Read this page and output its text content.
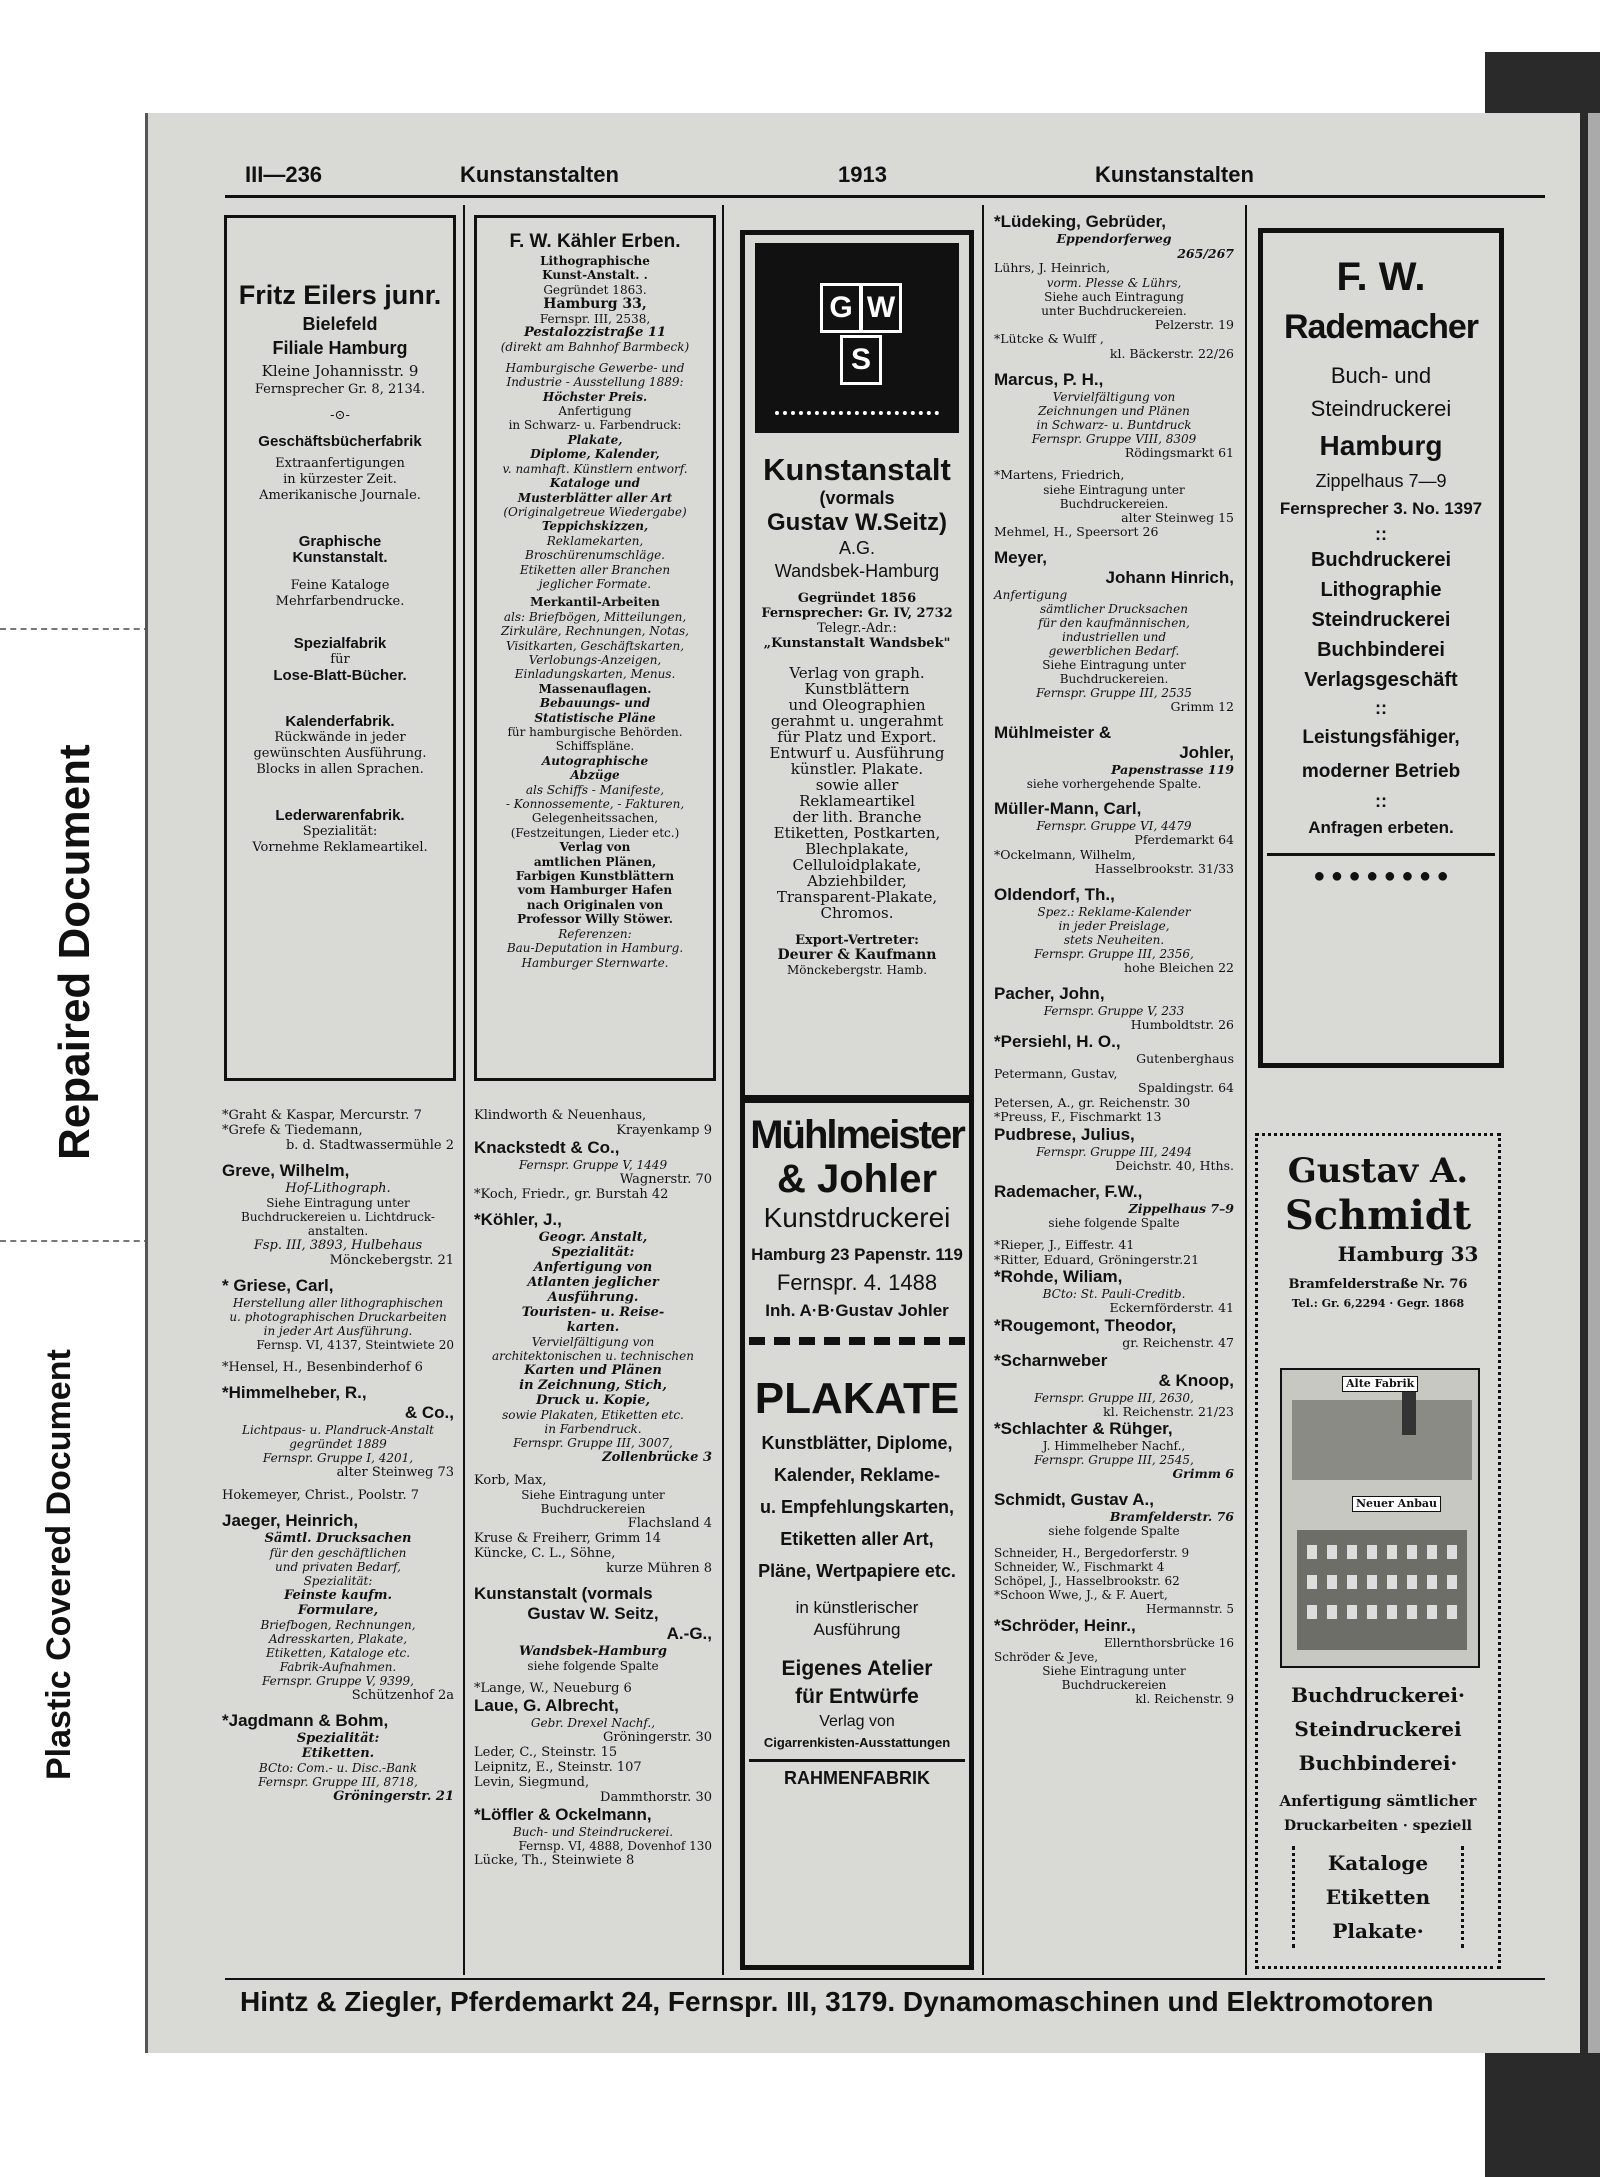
Repaired Document
Plastic Covered Document
III—236	Kunstanstalten	1913	Kunstanstalten

Fritz Eilers junr.

Bielefeld

Filiale Hamburg

Kleine Johannisstr. 9

Fernsprecher Gr. 8, 2134.

-⊙-

Geschäftsbücherfabrik

Extraanfertigungen

in kürzester Zeit.

Amerikanische Journale.

Graphische

Kunstanstalt.

Feine Kataloge

Mehrfarbendrucke.

Spezialfabrik

für

Lose-Blatt-Bücher.

Kalenderfabrik.

Rückwände in jeder

gewünschten Ausführung.

Blocks in allen Sprachen.

Lederwarenfabrik.

Spezialität:

Vornehme Reklameartikel.

F. W. Kähler Erben.

Lithographische

Kunst-Anstalt. .

Gegründet 1863.

Hamburg 33,

Fernspr. III, 2538,

Pestalozzistraße 11

(direkt am Bahnhof Barmbeck)

Hamburgische Gewerbe- und

Industrie - Ausstellung 1889:

Höchster Preis.

Anfertigung

in Schwarz- u. Farbendruck:

Plakate,

Diplome, Kalender,

v. namhaft. Künstlern entworf.

Kataloge und

Musterblätter aller Art

(Originalgetreue Wiedergabe)

Teppichskizzen,

Reklamekarten,

Broschürenumschläge.

Etiketten aller Branchen

jeglicher Formate.

Merkantil-Arbeiten

als: Briefbögen, Mitteilungen,

Zirkuläre, Rechnungen, Notas,

Visitkarten, Geschäftskarten,

Verlobungs-Anzeigen,

Einladungskarten, Menus.

Massenauflagen.

Bebauungs- und

Statistische Pläne

für hamburgische Behörden.

Schiffspläne.

Autographische

Abzüge

als Schiffs - Manifeste,

- Konnossemente, - Fakturen,

Gelegenheitssachen,

(Festzeitungen, Lieder etc.)

Verlag von

amtlichen Plänen,

Farbigen Kunstblättern

vom Hamburger Hafen

nach Originalen von

Professor Willy Stöwer.

Referenzen:

Bau-Deputation in Hamburg.

Hamburger Sternwarte.

G W
S

Kunstanstalt

(vormals

Gustav W.Seitz)

A.G.

Wandsbek-Hamburg

Gegründet 1856

Fernsprecher: Gr. IV, 2732

Telegr.-Adr.:

„Kunstanstalt Wandsbek"

Verlag von graph.

Kunstblättern

und Oleographien

gerahmt u. ungerahmt

für Platz und Export.

Entwurf u. Ausführung

künstler. Plakate.

sowie aller

Reklameartikel

der lith. Branche

Etiketten, Postkarten,

Blechplakate,

Celluloidplakate,

Abziehbilder,

Transparent-Plakate,

Chromos.

Export-Vertreter:

Deurer & Kaufmann

Mönckebergstr. Hamb.

Mühlmeister

& Johler

Kunstdruckerei

Hamburg 23 Papenstr. 119

Fernspr. 4. 1488

Inh. A·B·Gustav Johler

PLAKATE

Kunstblätter, Diplome,

Kalender, Reklame-

u. Empfehlungskarten,

Etiketten aller Art,

Pläne, Wertpapiere etc.

in künstlerischer

Ausführung

Eigenes Atelier

für Entwürfe

Verlag von

Cigarrenkisten-Ausstattungen

RAHMENFABRIK

F. W.

Rademacher

Buch- und

Steindruckerei

Hamburg

Zippelhaus 7—9

Fernsprecher 3. No. 1397

::

Buchdruckerei

Lithographie

Steindruckerei

Buchbinderei

Verlagsgeschäft

::

Leistungsfähiger,

moderner Betrieb

::

Anfragen erbeten.

● ● ● ● ● ● ● ●

Gustav A.

Schmidt

Hamburg 33

Bramfelderstraße Nr. 76

Tel.: Gr. 6,2294 · Gegr. 1868

Alte Fabrik
Neuer Anbau

Buchdruckerei·

Steindruckerei

Buchbinderei·

Anfertigung sämtlicher

Druckarbeiten · speziell

Kataloge

Etiketten

Plakate·

*Graht & Kaspar, Mercurstr. 7

*Grefe & Tiedemann,

b. d. Stadtwassermühle 2

Greve, Wilhelm,

Hof-Lithograph.

Siehe Eintragung unter

Buchdruckereien u. Lichtdruck-

anstalten.

Fsp. III, 3893, Hulbehaus

Mönckebergstr. 21

* Griese, Carl,

Herstellung aller lithographischen

u. photographischen Druckarbeiten

in jeder Art Ausführung.

Fernsp. VI, 4137, Steintwiete 20

*Hensel, H., Besenbinderhof 6

*Himmelheber, R.,

& Co.,

Lichtpaus- u. Plandruck-Anstalt

gegründet 1889

Fernspr. Gruppe I, 4201,

alter Steinweg 73

Hokemeyer, Christ., Poolstr. 7

Jaeger, Heinrich,

Sämtl. Drucksachen

für den geschäftlichen

und privaten Bedarf,

Spezialität:

Feinste kaufm.

Formulare,

Briefbogen, Rechnungen,

Adresskarten, Plakate,

Etiketten, Kataloge etc.

Fabrik-Aufnahmen.

Fernspr. Gruppe V, 9399,

Schützenhof 2a

*Jagdmann & Bohm,

Spezialität:

Etiketten.

BCto: Com.- u. Disc.-Bank

Fernspr. Gruppe III, 8718,

Gröningerstr. 21

Klindworth & Neuenhaus,

Krayenkamp 9

Knackstedt & Co.,

Fernspr. Gruppe V, 1449

Wagnerstr. 70

*Koch, Friedr., gr. Burstah 42

*Köhler, J.,

Geogr. Anstalt,

Spezialität:

Anfertigung von

Atlanten jeglicher

Ausführung.

Touristen- u. Reise-

karten.

Vervielfältigung von

architektonischen u. technischen

Karten und Plänen

in Zeichnung, Stich,

Druck u. Kopie,

sowie Plakaten, Etiketten etc.

in Farbendruck.

Fernspr. Gruppe III, 3007,

Zollenbrücke 3

Korb, Max,

Siehe Eintragung unter

Buchdruckereien

Flachsland 4

Kruse & Freiherr, Grimm 14

Küncke, C. L., Söhne,

kurze Mühren 8

Kunstanstalt (vormals

Gustav W. Seitz,

A.-G.,

Wandsbek-Hamburg

siehe folgende Spalte

*Lange, W., Neueburg 6

Laue, G. Albrecht,

Gebr. Drexel Nachf.,

Gröningerstr. 30

Leder, C., Steinstr. 15

Leipnitz, E., Steinstr. 107

Levin, Siegmund,

Dammthorstr. 30

*Löffler & Ockelmann,

Buch- und Steindruckerei.

Fernsp. VI, 4888, Dovenhof 130

Lücke, Th., Steinwiete 8

*Lüdeking, Gebrüder,

Eppendorferweg

265/267

Lührs, J. Heinrich,

vorm. Plesse & Lührs,

Siehe auch Eintragung

unter Buchdruckereien.

Pelzerstr. 19

*Lütcke & Wulff ,

kl. Bäckerstr. 22/26

Marcus, P. H.,

Vervielfältigung von

Zeichnungen und Plänen

in Schwarz- u. Buntdruck

Fernspr. Gruppe VIII, 8309

Rödingsmarkt 61

*Martens, Friedrich,

siehe Eintragung unter

Buchdruckereien.

alter Steinweg 15

Mehmel, H., Speersort 26

Meyer,

Johann Hinrich,

Anfertigung

sämtlicher Drucksachen

für den kaufmännischen,

industriellen und

gewerblichen Bedarf.

Siehe Eintragung unter

Buchdruckereien.

Fernspr. Gruppe III, 2535

Grimm 12

Mühlmeister &

Johler,

Papenstrasse 119

siehe vorhergehende Spalte.

Müller-Mann, Carl,

Fernspr. Gruppe VI, 4479

Pferdemarkt 64

*Ockelmann, Wilhelm,

Hasselbrookstr. 31/33

Oldendorf, Th.,

Spez.: Reklame-Kalender

in jeder Preislage,

stets Neuheiten.

Fernspr. Gruppe III, 2356,

hohe Bleichen 22

Pacher, John,

Fernspr. Gruppe V, 233

Humboldtstr. 26

*Persiehl, H. O.,

Gutenberghaus

Petermann, Gustav,

Spaldingstr. 64

Petersen, A., gr. Reichenstr. 30

*Preuss, F., Fischmarkt 13

Pudbrese, Julius,

Fernspr. Gruppe III, 2494

Deichstr. 40, Hths.

Rademacher, F.W.,

Zippelhaus 7–9

siehe folgende Spalte

*Rieper, J., Eiffestr. 41

*Ritter, Eduard, Gröningerstr.21

*Rohde, Wiliam,

BCto: St. Pauli-Creditb.

Eckernförderstr. 41

*Rougemont, Theodor,

gr. Reichenstr. 47

*Scharnweber

& Knoop,

Fernspr. Gruppe III, 2630,

kl. Reichenstr. 21/23

*Schlachter & Rühger,

J. Himmelheber Nachf.,

Fernspr. Gruppe III, 2545,

Grimm 6

Schmidt, Gustav A.,

Bramfelderstr. 76

siehe folgende Spalte

Schneider, H., Bergedorferstr. 9

Schneider, W., Fischmarkt 4

Schöpel, J., Hasselbrookstr. 62

*Schoon Wwe, J., & F. Auert,

Hermannstr. 5

*Schröder, Heinr.,

Ellernthorsbrücke 16

Schröder & Jeve,

Siehe Eintragung unter

Buchdruckereien

kl. Reichenstr. 9

Hintz & Ziegler, Pferdemarkt 24, Fernspr. III, 3179. Dynamomaschinen und Elektromotoren
